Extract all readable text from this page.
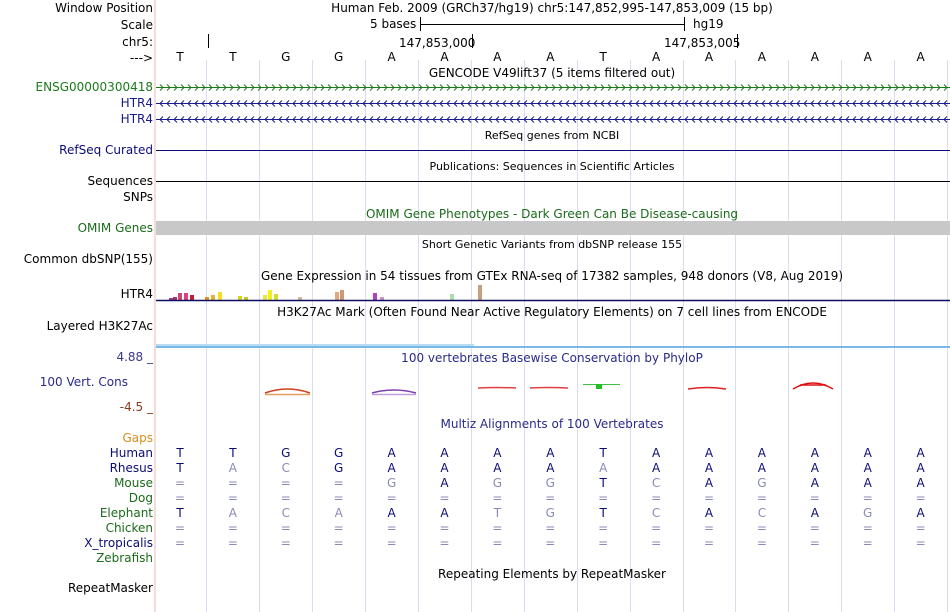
Window Position	Human Feb. 2009 (GRCh37/hg19) chr5:147,852,995-147,853,009 (15 bp)
Scale	5 bases	hg19
chr5:	147,853,000	147,853,005
--->	T	T	G	G	A	A	A	A	T	A	A	A	A	A	A
GENCODE V49lift37 (5 items filtered out)
ENSG00000300418
HTR4
HTR4
RefSeq genes from NCBI
RefSeq Curated
Publications: Sequences in Scientific Articles
Sequences
SNPs
OMIM Gene Phenotypes - Dark Green Can Be Disease-causing
OMIM Genes
Short Genetic Variants from dbSNP release 155
Common dbSNP(155)
Gene Expression in 54 tissues from GTEx RNA-seq of 17382 samples, 948 donors (V8, Aug 2019)
HTR4
H3K27Ac Mark (Often Found Near Active Regulatory Elements) on 7 cell lines from ENCODE
Layered H3K27Ac
4.88 _	100 vertebrates Basewise Conservation by PhyloP
100 Vert. Cons
-4.5 _
Multiz Alignments of 100 Vertebrates
Gaps
Human	T	T	G	G	A	A	A	A	T	A	A	A	A	A	A
Rhesus	T	A	C	G	A	A	A	A	A	A	A	A	A	A	A
Mouse	=	=	=	=	G	A	G	G	T	C	A	G	A	A	A
Dog	=	=	=	=	=	=	=	=	=	=	=	=	=	=	=
Elephant	T	A	C	A	A	A	T	G	T	C	A	C	A	G	A
Chicken	=	=	=	=	=	=	=	=	=	=	=	=	=	=	=
X_tropicalis	=	=	=	=	=	=	=	=	=	=	=	=	=	=	=
Zebrafish
Repeating Elements by RepeatMasker
RepeatMasker
